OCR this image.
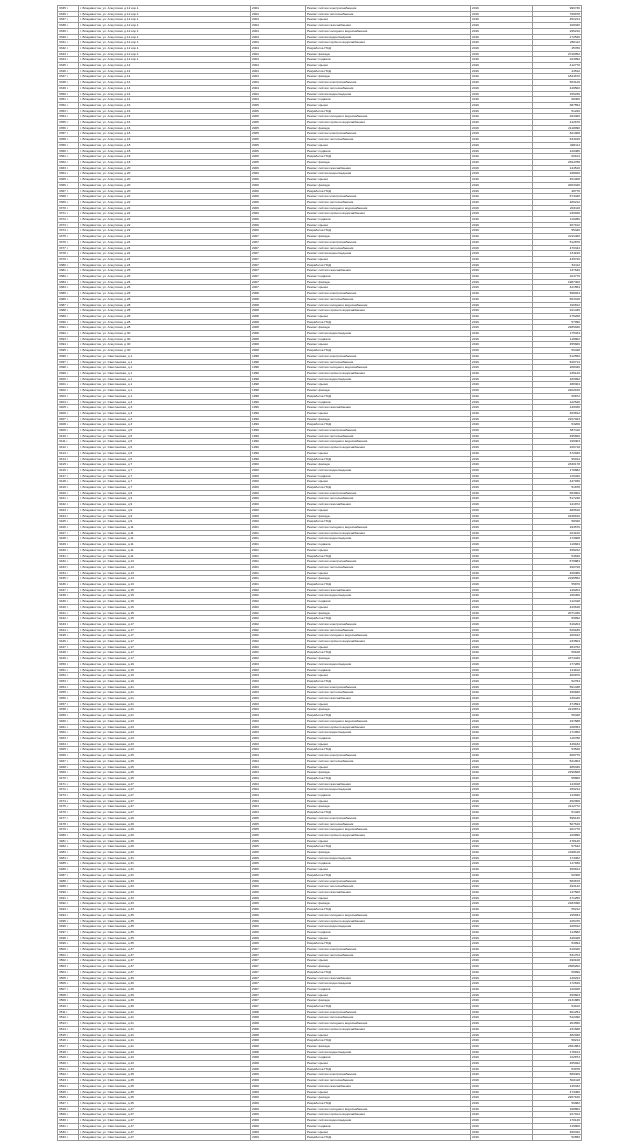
3335 г.	г. Владивосток, ул. Алеутская, д.12 кор.1	2004	Ремонт систем электроснабжения	2016	996736
3336 г.	г. Владивосток, ул. Алеутская, д.12 кор.1	2004	Ремонт систем теплоснабжения	2016	768978
3337 г.	г. Владивосток, ул. Алеутская, д.12 кор.1	2004	Ремонт крыши	2016	452214
3338 г.	г. Владивосток, ул. Алеутская, д.12 кор.1	2004	Ремонт систем газоснабжения	2016	108330
3339 г.	г. Владивосток, ул. Алеутская, д.12 кор.1	2004	Ремонт систем холодного водоснабжения	2016	295210
3340 г.	г. Владивосток, ул. Алеутская, д.12 кор.1	2004	Ремонт систем водоотведения	2016	172540
3341 г.	г. Владивосток, ул. Алеутская, д.12 кор.1	2004	Ремонт систем горячего водоснабжения	2016	280112
3342 г.	г. Владивосток, ул. Алеутская, д.12 кор.1	2004	Разработка ПСД	2016	45780
3343 г.	г. Владивосток, ул. Алеутская, д.12 кор.1	2004	Ремонт фасада	2016	2740052
3344 г.	г. Владивосток, ул. Алеутская, д.12 кор.1	2004	Ремонт подвала	2016	164092
3345 г.	г. Владивосток, ул. Алеутская, д.14	2004	Ремонт крыши	2016	412770
3346 г.	г. Владивосток, ул. Алеутская, д.14	2004	Разработка ПСД	2016	44512
3347 г.	г. Владивосток, ул. Алеутская, д.14	2004	Ремонт фасада	2016	1844670
3348 г.	г. Владивосток, ул. Алеутская, д.14	2004	Ремонт систем электроснабжения	2016	503120
3349 г.	г. Владивосток, ул. Алеутская, д.14	2004	Ремонт систем теплоснабжения	2016	449500
3350 г.	г. Владивосток, ул. Алеутская, д.14	2004	Ремонт систем водоотведения	2016	156236
3351 г.	г. Владивосток, ул. Алеутская, д.14	2004	Ремонт подвала	2016	99460
3352 г.	г. Владивосток, ул. Алеутская, д.16	2005	Ремонт крыши	2016	387554
3353 г.	г. Владивосток, ул. Алеутская, д.16	2005	Разработка ПСД	2016	51220
3354 г.	г. Владивосток, ул. Алеутская, д.16	2005	Ремонт систем холодного водоснабжения	2016	184300
3355 г.	г. Владивосток, ул. Алеутская, д.16	2005	Ремонт систем горячего водоснабжения	2016	212670
3356 г.	г. Владивосток, ул. Алеутская, д.16	2005	Ремонт фасада	2016	2118090
3357 г.	г. Владивосток, ул. Алеутская, д.18	2005	Ремонт систем электроснабжения	2016	621908
3358 г.	г. Владивосток, ул. Алеутская, д.18	2005	Ремонт систем теплоснабжения	2016	534016
3359 г.	г. Владивосток, ул. Алеутская, д.18	2005	Ремонт крыши	2016	498114
3360 г.	г. Владивосток, ул. Алеутская, д.18	2005	Ремонт подвала	2016	120486
3361 г.	г. Владивосток, ул. Алеутская, д.18	2005	Разработка ПСД	2016	60104
3362 г.	г. Владивосток, ул. Алеутская, д.18	2005	Ремонт фасада	2016	2394788
3363 г.	г. Владивосток, ул. Алеутская, д.20	2006	Ремонт систем газоснабжения	2016	144510
3364 г.	г. Владивосток, ул. Алеутская, д.20	2006	Ремонт систем водоотведения	2016	168920
3365 г.	г. Владивосток, ул. Алеутская, д.20	2006	Ремонт крыши	2016	451008
3366 г.	г. Владивосток, ул. Алеутская, д.20	2006	Ремонт фасада	2016	2003340
3367 г.	г. Владивосток, ул. Алеутская, д.20	2006	Разработка ПСД	2016	48776
3368 г.	г. Владивосток, ул. Алеутская, д.22	2006	Ремонт систем электроснабжения	2016	574430
3369 г.	г. Владивосток, ул. Алеутская, д.22	2006	Ремонт систем теплоснабжения	2016	486212
3370 г.	г. Владивосток, ул. Алеутская, д.22	2006	Ремонт систем холодного водоснабжения	2016	203118
3371 г.	г. Владивосток, ул. Алеутская, д.22	2006	Ремонт систем горячего водоснабжения	2016	230946
3372 г.	г. Владивосток, ул. Алеутская, д.22	2006	Ремонт подвала	2016	110280
3373 г.	г. Владивосток, ул. Алеутская, д.22	2006	Ремонт крыши	2016	467102
3374 г.	г. Владивосток, ул. Алеутская, д.22	2006	Разработка ПСД	2016	55340
3375 г.	г. Владивосток, ул. Алеутская, д.24	2007	Ремонт фасада	2016	2211460
3376 г.	г. Владивосток, ул. Алеутская, д.24	2007	Ремонт систем электроснабжения	2016	512876
3377 г.	г. Владивосток, ул. Алеутская, д.24	2007	Ремонт систем теплоснабжения	2016	470344
3378 г.	г. Владивосток, ул. Алеутская, д.24	2007	Ремонт систем водоотведения	2016	161190
3379 г.	г. Владивосток, ул. Алеутская, д.24	2007	Ремонт крыши	2016	439720
3380 г.	г. Владивосток, ул. Алеутская, д.24	2007	Разработка ПСД	2016	52112
3381 г.	г. Владивосток, ул. Алеутская, д.26	2007	Ремонт систем газоснабжения	2016	137640
3382 г.	г. Владивосток, ул. Алеутская, д.26	2007	Ремонт подвала	2016	104776
3383 г.	г. Владивосток, ул. Алеутская, д.26	2007	Ремонт фасада	2016	1987300
3384 г.	г. Владивосток, ул. Алеутская, д.26	2007	Ремонт крыши	2016	421564
3385 г.	г. Владивосток, ул. Алеутская, д.28	2008	Ремонт систем электроснабжения	2016	598024
3386 г.	г. Владивосток, ул. Алеутская, д.28	2008	Ремонт систем теплоснабжения	2016	503318
3387 г.	г. Владивосток, ул. Алеутская, д.28	2008	Ремонт систем холодного водоснабжения	2016	190812
3388 г.	г. Владивосток, ул. Алеутская, д.28	2008	Ремонт систем горячего водоснабжения	2016	221436
3389 г.	г. Владивосток, ул. Алеутская, д.28	2008	Ремонт крыши	2016	476208
3390 г.	г. Владивосток, ул. Алеутская, д.28	2008	Разработка ПСД	2016	57090
3391 г.	г. Владивосток, ул. Алеутская, д.28	2008	Ремонт фасада	2016	2285940
3392 г.	г. Владивосток, ул. Алеутская, д.30	2008	Ремонт систем водоотведения	2016	175334
3393 г.	г. Владивосток, ул. Алеутская, д.30	2008	Ремонт подвала	2016	118902
3394 г.	г. Владивосток, ул. Алеутская, д.30	2008	Ремонт крыши	2016	455660
3395 г.	г. Владивосток, ул. Алеутская, д.30	2008	Разработка ПСД	2016	50448
3396 г.	г. Владивосток, ул. Светланская, д.1	1998	Ремонт систем электроснабжения	2016	612550
3397 г.	г. Владивосток, ул. Светланская, д.1	1998	Ремонт систем теплоснабжения	2016	526714
3398 г.	г. Владивосток, ул. Светланская, д.1	1998	Ремонт систем холодного водоснабжения	2016	208440
3399 г.	г. Владивосток, ул. Светланская, д.1	1998	Ремонт систем горячего водоснабжения	2016	236120
3400 г.	г. Владивосток, ул. Светланская, д.1	1998	Ремонт систем водоотведения	2016	180992
3401 г.	г. Владивосток, ул. Светланская, д.1	1998	Ремонт крыши	2016	488304
3402 г.	г. Владивосток, ул. Светланская, д.1	1998	Ремонт фасада	2016	2402166
3403 г.	г. Владивосток, ул. Светланская, д.1	1998	Разработка ПСД	2016	59872
3404 г.	г. Владивосток, ул. Светланская, д.3	1999	Ремонт подвала	2016	122540
3405 г.	г. Владивосток, ул. Светланская, д.3	1999	Ремонт систем газоснабжения	2016	149330
3406 г.	г. Владивосток, ул. Светланская, д.3	1999	Ремонт крыши	2016	463812
3407 г.	г. Владивосток, ул. Светланская, д.3	1999	Ремонт фасада	2016	2157024
3408 г.	г. Владивосток, ул. Светланская, д.3	1999	Разработка ПСД	2016	53206
3409 г.	г. Владивосток, ул. Светланская, д.5	1999	Ремонт систем электроснабжения	2016	587110
3410 г.	г. Владивосток, ул. Светланская, д.5	1999	Ремонт систем теплоснабжения	2016	495660
3411 г.	г. Владивосток, ул. Светланская, д.5	1999	Ремонт систем холодного водоснабжения	2016	199304
3412 г.	г. Владивосток, ул. Светланская, д.5	1999	Ремонт систем горячего водоснабжения	2016	226718
3413 г.	г. Владивосток, ул. Светланская, д.5	1999	Ремонт крыши	2016	472940
3414 г.	г. Владивосток, ул. Светланская, д.5	1999	Разработка ПСД	2016	56014
3415 г.	г. Владивосток, ул. Светланская, д.7	2000	Ремонт фасада	2016	2330178
3416 г.	г. Владивосток, ул. Светланская, д.7	2000	Ремонт систем водоотведения	2016	170682
3417 г.	г. Владивосток, ул. Светланская, д.7	2000	Ремонт подвала	2016	115426
3418 г.	г. Владивосток, ул. Светланская, д.7	2000	Ремонт крыши	2016	447036
3419 г.	г. Владивосток, ул. Светланская, д.7	2000	Разработка ПСД	2016	51878
3420 г.	г. Владивосток, ул. Светланская, д.9	2000	Ремонт систем электроснабжения	2016	603902
3421 г.	г. Владивосток, ул. Светланская, д.9	2000	Ремонт систем теплоснабжения	2016	517248
3422 г.	г. Владивосток, ул. Светланская, д.9	2000	Ремонт систем газоснабжения	2016	141872
3423 г.	г. Владивосток, ул. Светланская, д.9	2000	Ремонт крыши	2016	480516
3424 г.	г. Владивосток, ул. Светланская, д.9	2000	Ремонт фасада	2016	2248910
3425 г.	г. Владивосток, ул. Светланская, д.9	2000	Разработка ПСД	2016	58326
3426 г.	г. Владивосток, ул. Светланская, д.11	2001	Ремонт систем холодного водоснабжения	2016	194576
3427 г.	г. Владивосток, ул. Светланская, д.11	2001	Ремонт систем горячего водоснабжения	2016	224102
3428 г.	г. Владивосток, ул. Светланская, д.11	2001	Ремонт систем водоотведения	2016	173908
3429 г.	г. Владивосток, ул. Светланская, д.11	2001	Ремонт подвала	2016	119664
3430 г.	г. Владивосток, ул. Светланская, д.11	2001	Ремонт крыши	2016	458242
3431 г.	г. Владивосток, ул. Светланская, д.11	2001	Разработка ПСД	2016	54630
3432 г.	г. Владивосток, ул. Светланская, д.13	2001	Ремонт систем электроснабжения	2016	579884
3433 г.	г. Владивосток, ул. Светланская, д.13	2001	Ремонт систем теплоснабжения	2016	490728
3434 г.	г. Владивосток, ул. Светланская, д.13	2001	Ремонт крыши	2016	469380
3435 г.	г. Владивосток, ул. Светланская, д.13	2001	Ремонт фасада	2016	2196552
3436 г.	г. Владивосток, ул. Светланская, д.13	2001	Разработка ПСД	2016	55876
3437 г.	г. Владивосток, ул. Светланская, д.15	2002	Ремонт систем газоснабжения	2016	146204
3438 г.	г. Владивосток, ул. Светланская, д.15	2002	Ремонт систем водоотведения	2016	166450
3439 г.	г. Владивосток, ул. Светланская, д.15	2002	Ремонт подвала	2016	112318
3440 г.	г. Владивосток, ул. Светланская, д.15	2002	Ремонт крыши	2016	443618
3441 г.	г. Владивосток, ул. Светланская, д.15	2002	Ремонт фасада	2016	2071336
3442 г.	г. Владивосток, ул. Светланская, д.15	2002	Разработка ПСД	2016	50992
3443 г.	г. Владивосток, ул. Светланская, д.17	2002	Ремонт систем электроснабжения	2016	616204
3444 г.	г. Владивосток, ул. Светланская, д.17	2002	Ремонт систем теплоснабжения	2016	529186
3445 г.	г. Владивосток, ул. Светланская, д.17	2002	Ремонт систем холодного водоснабжения	2016	206012
3446 г.	г. Владивосток, ул. Светланская, д.17	2002	Ремонт систем горячего водоснабжения	2016	233504
3447 г.	г. Владивосток, ул. Светланская, д.17	2002	Ремонт крыши	2016	484762
3448 г.	г. Владивосток, ул. Светланская, д.17	2002	Разработка ПСД	2016	59108
3449 г.	г. Владивосток, ул. Светланская, д.17	2002	Ремонт фасада	2016	2374420
3450 г.	г. Владивосток, ул. Светланская, д.19	2003	Ремонт систем водоотведения	2016	177286
3451 г.	г. Владивосток, ул. Светланская, д.19	2003	Ремонт подвала	2016	121102
3452 г.	г. Владивосток, ул. Светланская, д.19	2003	Ремонт крыши	2016	460970
3453 г.	г. Владивосток, ул. Светланская, д.19	2003	Разработка ПСД	2016	52764
3454 г.	г. Владивосток, ул. Светланская, д.21	2003	Ремонт систем электроснабжения	2016	591438
3455 г.	г. Владивосток, ул. Светланская, д.21	2003	Ремонт систем теплоснабжения	2016	499830
3456 г.	г. Владивосток, ул. Светланская, д.21	2003	Ремонт систем газоснабжения	2016	139446
3457 г.	г. Владивосток, ул. Светланская, д.21	2003	Ремонт крыши	2016	474594
3458 г.	г. Владивосток, ул. Светланская, д.21	2003	Ремонт фасада	2016	2219874
3459 г.	г. Владивосток, ул. Светланская, д.21	2003	Разработка ПСД	2016	56448
3460 г.	г. Владивосток, ул. Светланская, д.23	2003	Ремонт систем холодного водоснабжения	2016	197688
3461 г.	г. Владивосток, ул. Светланская, д.23	2003	Ремонт систем горячего водоснабжения	2016	228354
3462 г.	г. Владивосток, ул. Светланская, д.23	2003	Ремонт систем водоотведения	2016	171950
3463 г.	г. Владивосток, ул. Светланская, д.23	2003	Ремонт подвала	2016	116788
3464 г.	г. Владивосток, ул. Светланская, д.23	2003	Ремонт крыши	2016	449182
3465 г.	г. Владивосток, ул. Светланская, д.23	2003	Разработка ПСД	2016	53540
3466 г.	г. Владивосток, ул. Светланская, д.25	2004	Ремонт систем электроснабжения	2016	608776
3467 г.	г. Владивосток, ул. Светланская, д.25	2004	Ремонт систем теплоснабжения	2016	521904
3468 г.	г. Владивосток, ул. Светланская, д.25	2004	Ремонт крыши	2016	486330
3469 г.	г. Владивосток, ул. Светланская, д.25	2004	Ремонт фасада	2016	2290608
3470 г.	г. Владивосток, ул. Светланская, д.25	2004	Разработка ПСД	2016	58860
3471 г.	г. Владивосток, ул. Светланская, д.27	2004	Ремонт систем газоснабжения	2016	143018
3472 г.	г. Владивосток, ул. Светланская, д.27	2004	Ремонт систем водоотведения	2016	169214
3473 г.	г. Владивосток, ул. Светланская, д.27	2004	Ремонт подвала	2016	113940
3474 г.	г. Владивосток, ул. Светланская, д.27	2004	Ремонт крыши	2016	452006
3475 г.	г. Владивосток, ул. Светланская, д.27	2004	Ремонт фасада	2016	2112772
3476 г.	г. Владивосток, ул. Светланская, д.27	2004	Разработка ПСД	2016	51426
3477 г.	г. Владивосток, ул. Светланская, д.29	2005	Ремонт систем электроснабжения	2016	595130
3478 г.	г. Владивосток, ул. Светланская, д.29	2005	Ремонт систем теплоснабжения	2016	507616
3479 г.	г. Владивосток, ул. Светланская, д.29	2005	Ремонт систем холодного водоснабжения	2016	201776
3480 г.	г. Владивосток, ул. Светланская, д.29	2005	Ремонт систем горячего водоснабжения	2016	229890
3481 г.	г. Владивосток, ул. Светланская, д.29	2005	Ремонт крыши	2016	478120
3482 г.	г. Владивосток, ул. Светланская, д.29	2005	Разработка ПСД	2016	57642
3483 г.	г. Владивосток, ул. Светланская, д.29	2005	Ремонт фасада	2016	2348116
3484 г.	г. Владивосток, ул. Светланская, д.31	2005	Ремонт систем водоотведения	2016	174462
3485 г.	г. Владивосток, ул. Светланская, д.31	2005	Ремонт подвала	2016	117930
3486 г.	г. Владивосток, ул. Светланская, д.31	2005	Ремонт крыши	2016	456814
3487 г.	г. Владивосток, ул. Светланская, д.31	2005	Разработка ПСД	2016	52308
3488 г.	г. Владивосток, ул. Светланская, д.33	2006	Ремонт систем электроснабжения	2016	583670
3489 г.	г. Владивосток, ул. Светланская, д.33	2006	Ремонт систем теплоснабжения	2016	493142
3490 г.	г. Владивосток, ул. Светланская, д.33	2006	Ремонт систем газоснабжения	2016	147560
3491 г.	г. Владивосток, ул. Светланская, д.33	2006	Ремонт крыши	2016	471256
3492 г.	г. Владивосток, ул. Светланская, д.33	2006	Ремонт фасада	2016	2183390
3493 г.	г. Владивосток, ул. Светланская, д.33	2006	Разработка ПСД	2016	55212
3494 г.	г. Владивосток, ул. Светланская, д.35	2006	Ремонт систем холодного водоснабжения	2016	195934
3495 г.	г. Владивосток, ул. Светланская, д.35	2006	Ремонт систем горячего водоснабжения	2016	225476
3496 г.	г. Владивосток, ул. Светланская, д.35	2006	Ремонт систем водоотведения	2016	168012
3497 г.	г. Владивосток, ул. Светланская, д.35	2006	Ремонт подвала	2016	114582
3498 г.	г. Владивосток, ул. Светланская, д.35	2006	Ремонт крыши	2016	446428
3499 г.	г. Владивосток, ул. Светланская, д.35	2006	Разработка ПСД	2016	53094
3500 г.	г. Владивосток, ул. Светланская, д.37	2007	Ремонт систем электроснабжения	2016	619320
3501 г.	г. Владивосток, ул. Светланская, д.37	2007	Ремонт систем теплоснабжения	2016	531764
3502 г.	г. Владивосток, ул. Светланская, д.37	2007	Ремонт крыши	2016	490108
3503 г.	г. Владивосток, ул. Светланская, д.37	2007	Ремонт фасада	2016	2386202
3504 г.	г. Владивосток, ул. Светланская, д.37	2007	Разработка ПСД	2016	59990
3505 г.	г. Владивосток, ул. Светланская, д.39	2007	Ремонт систем газоснабжения	2016	140224
3506 г.	г. Владивосток, ул. Светланская, д.39	2007	Ремонт систем водоотведения	2016	172816
3507 г.	г. Владивосток, ул. Светланская, д.39	2007	Ремонт подвала	2016	120028
3508 г.	г. Владивосток, ул. Светланская, д.39	2007	Ремонт крыши	2016	459604
3509 г.	г. Владивосток, ул. Светланская, д.39	2007	Ремонт фасада	2016	2131886
3510 г.	г. Владивосток, ул. Светланская, д.39	2007	Разработка ПСД	2016	54102
3511 г.	г. Владивосток, ул. Светланская, д.41	2008	Ремонт систем электроснабжения	2016	601254
3512 г.	г. Владивосток, ул. Светланская, д.41	2008	Ремонт систем теплоснабжения	2016	512490
3513 г.	г. Владивосток, ул. Светланская, д.41	2008	Ремонт систем холодного водоснабжения	2016	204550
3514 г.	г. Владивосток, ул. Светланская, д.41	2008	Ремонт систем горячего водоснабжения	2016	231668
3515 г.	г. Владивосток, ул. Светланская, д.41	2008	Ремонт крыши	2016	482936
3516 г.	г. Владивосток, ул. Светланская, д.41	2008	Разработка ПСД	2016	58214
3517 г.	г. Владивосток, ул. Светланская, д.41	2008	Ремонт фасада	2016	2361884
3518 г.	г. Владивосток, ул. Светланская, д.43	2008	Ремонт систем водоотведения	2016	178104
3519 г.	г. Владивосток, ул. Светланская, д.43	2008	Ремонт подвала	2016	122874
3520 г.	г. Владивосток, ул. Светланская, д.43	2008	Ремонт крыши	2016	465022
3521 г.	г. Владивосток, ул. Светланская, д.43	2008	Разработка ПСД	2016	53978
3522 г.	г. Владивосток, ул. Светланская, д.45	2009	Ремонт систем электроснабжения	2016	589406
3523 г.	г. Владивосток, ул. Светланская, д.45	2009	Ремонт систем теплоснабжения	2016	502118
3524 г.	г. Владивосток, ул. Светланская, д.45	2009	Ремонт систем газоснабжения	2016	145332
3525 г.	г. Владивосток, ул. Светланская, д.45	2009	Ремонт крыши	2016	473480
3526 г.	г. Владивосток, ул. Светланская, д.45	2009	Ремонт фасада	2016	2207160
3527 г.	г. Владивосток, ул. Светланская, д.45	2009	Разработка ПСД	2016	56982
3528 г.	г. Владивосток, ул. Светланская, д.47	2009	Ремонт систем холодного водоснабжения	2016	198862
3529 г.	г. Владивосток, ул. Светланская, д.47	2009	Ремонт систем горячего водоснабжения	2016	227014
3530 г.	г. Владивосток, ул. Светланская, д.47	2009	Ремонт систем водоотведения	2016	170126
3531 г.	г. Владивосток, ул. Светланская, д.47	2009	Ремонт подвала	2016	115806
3532 г.	г. Владивосток, ул. Светланская, д.47	2009	Ремонт крыши	2016	450340
3533 г.	г. Владивосток, ул. Светланская, д.47	2009	Разработка ПСД	2016	52650
